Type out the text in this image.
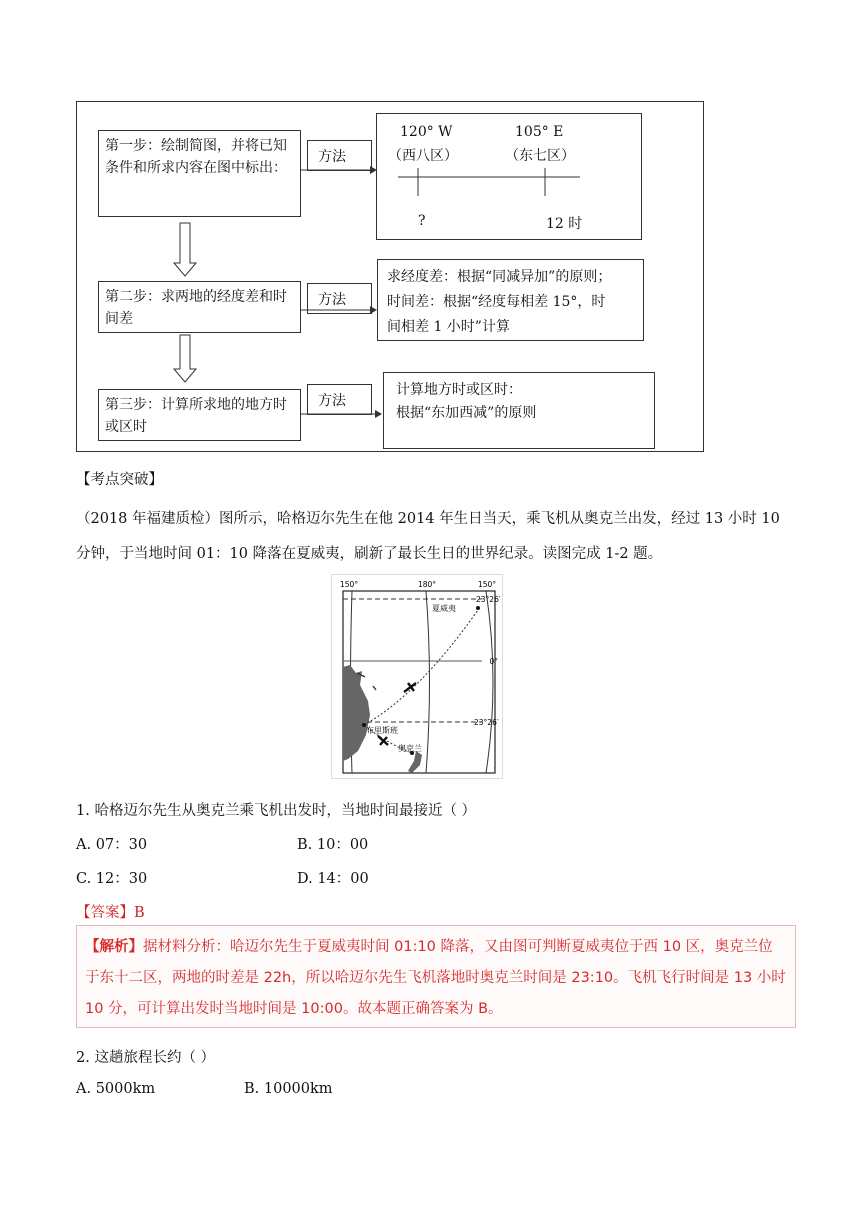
第一步：绘制简图，并将已知条件和所求内容在图中标出：
第二步：求两地的经度差和时间差
第三步：计算所求地的地方时或区时
方法
方法
方法
120° W	105° E
（西八区）	（东七区）
?	12 时
求经度差：根据“同减异加”的原则；
时间差：根据“经度每相差 15°，时
间相差 1 小时”计算
计算地方时或区时：
根据“东加西减”的原则
【考点突破】
（2018 年福建质检）图所示，哈格迈尔先生在他 2014 年生日当天，乘飞机从奥克兰出发，经过 13 小时 10
分钟，于当地时间 01：10 降落在夏威夷，刷新了最长生日的世界纪录。读图完成 1-2 题。
150°	180°	150°
23°26′
0°
23°26′
夏威夷
布里斯班
奥克兰
1. 哈格迈尔先生从奥克兰乘飞机出发时，当地时间最接近（ ）
A. 07：30	B. 10：00
C. 12：30	D. 14：00
【答案】B
【解析】据材料分析：哈迈尔先生于夏威夷时间 01:10 降落，又由图可判断夏威夷位于西 10 区，奥克兰位于东十二区，两地的时差是 22h，所以哈迈尔先生飞机落地时奥克兰时间是 23:10。飞机飞行时间是 13 小时 10 分，可计算出发时当地时间是 10:00。故本题正确答案为 B。
2. 这趟旅程长约（ ）
A. 5000km	B. 10000km
